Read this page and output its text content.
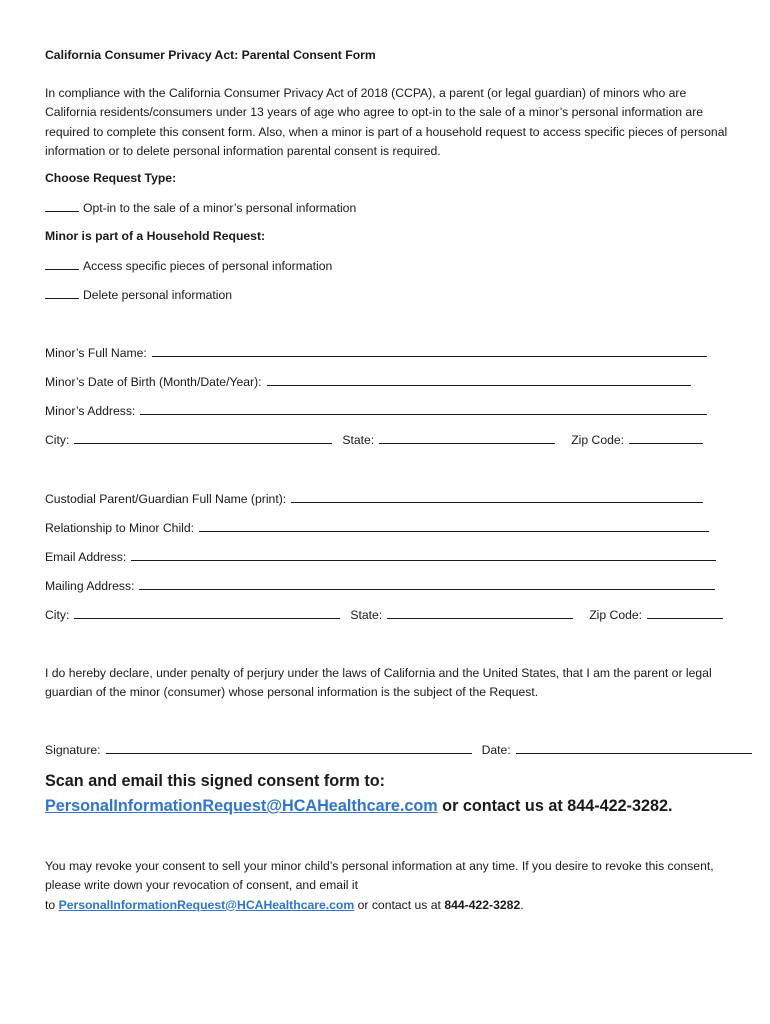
California Consumer Privacy Act: Parental Consent Form
In compliance with the California Consumer Privacy Act of 2018 (CCPA), a parent (or legal guardian) of minors who are California residents/consumers under 13 years of age who agree to opt-in to the sale of a minor’s personal information are required to complete this consent form. Also, when a minor is part of a household request to access specific pieces of personal information or to delete personal information parental consent is required.
Choose Request Type:
Opt-in to the sale of a minor’s personal information
Minor is part of a Household Request:
Access specific pieces of personal information
Delete personal information
Minor’s Full Name:
Minor’s Date of Birth (Month/Date/Year):
Minor’s Address:
City:	State:	Zip Code:
Custodial Parent/Guardian Full Name (print):
Relationship to Minor Child:
Email Address:
Mailing Address:
City:	State:	Zip Code:
I do hereby declare, under penalty of perjury under the laws of California and the United States, that I am the parent or legal guardian of the minor (consumer) whose personal information is the subject of the Request.
Signature:	Date:
Scan and email this signed consent form to:
PersonalInformationRequest@HCAHealthcare.com or contact us at 844-422-3282.
You may revoke your consent to sell your minor child’s personal information at any time. If you desire to revoke this consent, please write down your revocation of consent, and email it
to PersonalInformationRequest@HCAHealthcare.com or contact us at 844-422-3282.
